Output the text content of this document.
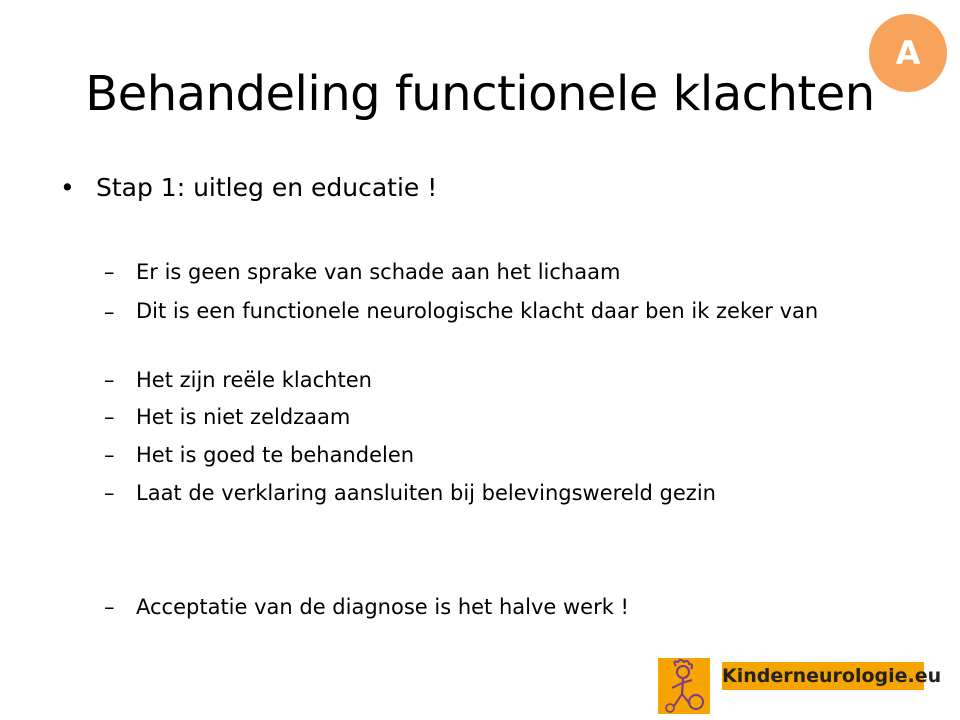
Behandeling functionele klachten
A
• Stap 1: uitleg en educatie !
– Er is geen sprake van schade aan het lichaam
– Dit is een functionele neurologische klacht daar ben ik zeker van
– Het zijn reële klachten
– Het is niet zeldzaam
– Het is goed te behandelen
– Laat de verklaring aansluiten bij belevingswereld gezin
– Acceptatie van de diagnose is het halve werk !
Kinderneurologie.eu
